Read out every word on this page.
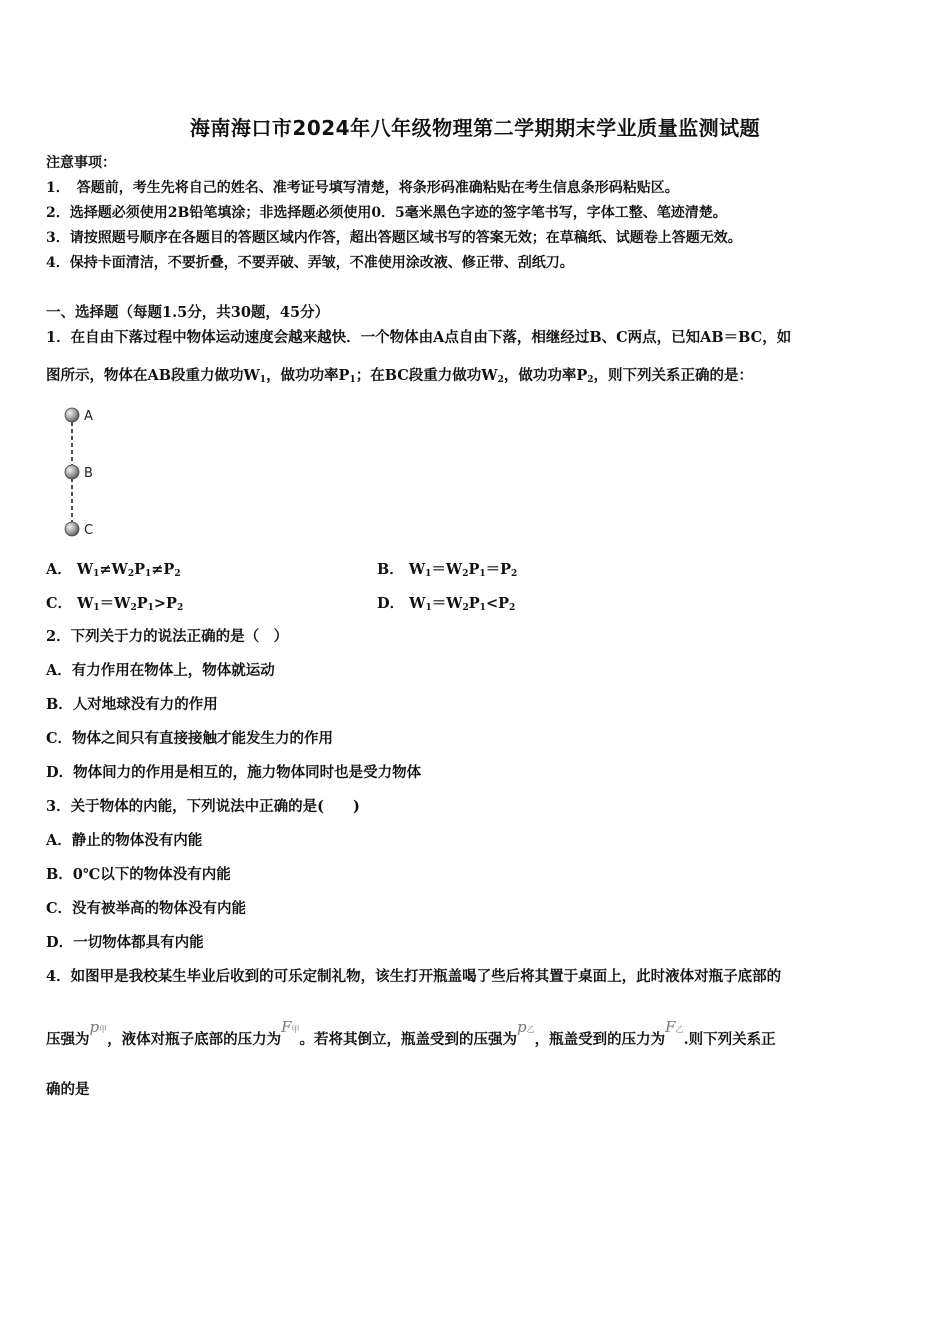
海南海口市2024年八年级物理第二学期期末学业质量监测试题
注意事项：
1．　答题前，考生先将自己的姓名、准考证号填写清楚，将条形码准确粘贴在考生信息条形码粘贴区。
2．选择题必须使用2B铅笔填涂；非选择题必须使用0．5毫米黑色字迹的签字笔书写，字体工整、笔迹清楚。
3．请按照题号顺序在各题目的答题区域内作答，超出答题区域书写的答案无效；在草稿纸、试题卷上答题无效。
4．保持卡面清洁，不要折叠，不要弄破、弄皱，不准使用涂改液、修正带、刮纸刀。
一、选择题（每题1.5分，共30题，45分）
1．在自由下落过程中物体运动速度会越来越快．一个物体由A点自由下落，相继经过B、C两点，已知AB＝BC，如
图所示，物体在AB段重力做功$W_1$，做功功率$P_1$；在BC段重力做功$W_2$，做功功率$P_2$，则下列关系正确的是：
A
B
C
A． $W_1\ne W_2P_1\ne P_2$	B． $W_1=W_2P_1=P_2$
C． $W_1=W_2P_1>P_2$	D． $W_1=W_2P_1<P_2$
2．下列关于力的说法正确的是（　）
A．有力作用在物体上，物体就运动
B．人对地球没有力的作用
C．物体之间只有直接接触才能发生力的作用
D．物体间力的作用是相互的，施力物体同时也是受力物体
3．关于物体的内能，下列说法中正确的是(　　)
A．静止的物体没有内能
B．0℃以下的物体没有内能
C．没有被举高的物体没有内能
D．一切物体都具有内能
4．如图甲是我校某生毕业后收到的可乐定制礼物，该生打开瓶盖喝了些后将其置于桌面上，此时液体对瓶子底部的
压强为p甲，液体对瓶子底部的压力为F甲。若将其倒立，瓶盖受到的压强为p乙，瓶盖受到的压力为F乙.则下列关系正
确的是
